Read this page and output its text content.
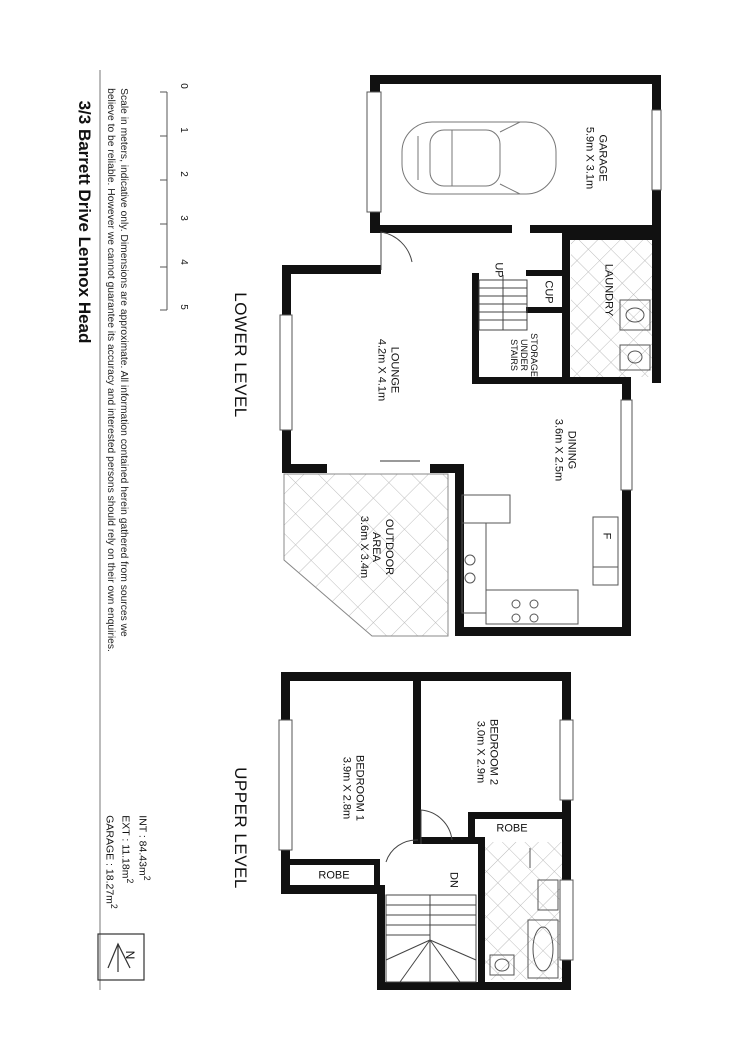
3/3 Barrett Drive Lennox Head Scale in meters, indicative only. Dimensions are approximate. All information contained herein gathered from sources we
believe to be reliable. However we cannot guarantee its accuracy and interested persons should rely on their own enquiries.
0
1
2
3
4
5 LOWER LEVEL
UPPER LEVEL
GARAGE
5.9m X 3.1m
LAUNDRY
CUP
UP
STORAGE
UNDER
STAIRS
LOUNGE
4.2m X 4.1m
DINING
3.6m X 2.5m
OUTDOOR
AREA
3.6m X 3.4m	F
BEDROOM 1
3.9m X 2.8m
BEDROOM 2
3.0m X 2.9m
ROBE
ROBE
DN
INT : $84.43m^2$
EXT : $11.18m^2$
GARAGE : $18.27m^2$
N
